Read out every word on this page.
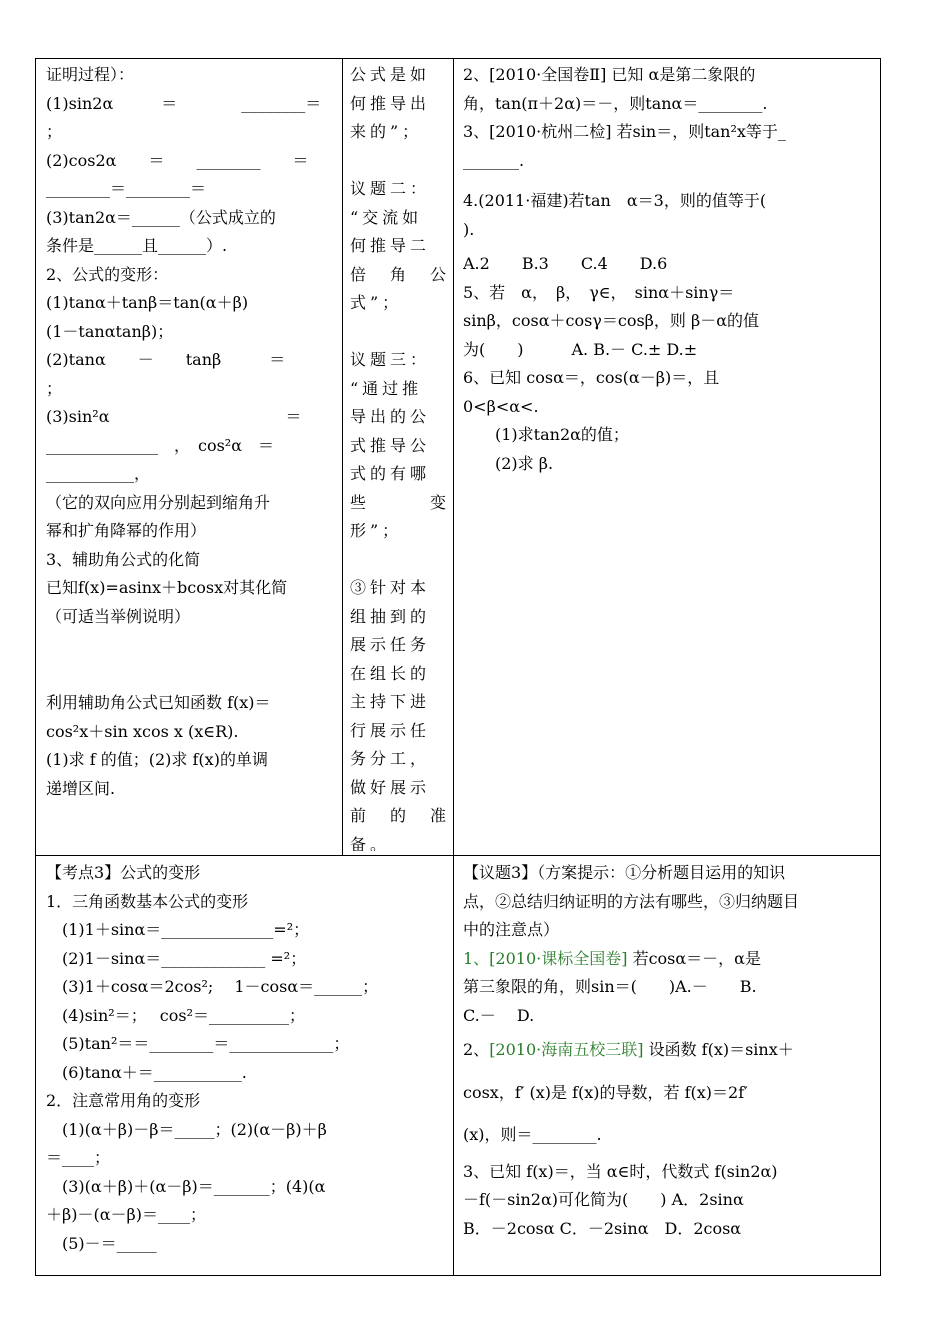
证明过程）：

(1)sin2α　　　＝　　　　________＝

；

(2)cos2α　　＝　　________　　＝

________＝________＝

(3)tan2α＝______（公式成立的

条件是______且______）.

2、公式的变形：

(1)tanα＋tanβ＝tan(α＋β)

(1－tanαtanβ)；

(2)tanα　　－　　tanβ　　　＝

；

(3)sin²α　　　　　　　　　　　＝

______________　，　cos²α　＝

___________，

（它的双向应用分别起到缩角升

幂和扩角降幂的作用）

3、辅助角公式的化简

已知f(x)=asinx＋bcosx对其化简

（可适当举例说明）

利用辅助角公式已知函数 f(x)＝

cos²x＋sin xcos x (x∈R).

(1)求 f 的值；(2)求 f(x)的单调

递增区间.

公式是如

何推导出

来的”；

议题二：

“交流如

何推导二

倍　角　公

式”；

议题三：

“通过推

导出的公

式推导公

式的有哪

些　　　变

形”；

③针对本

组抽到的

展示任务

在组长的

主持下进

行展示任

务分工，

做好展示

前　的　准

备。

2、[2010·全国卷Ⅱ] 已知 α是第二象限的

角，tan(π＋2α)＝－，则tanα＝________.

3、[2010·杭州二检] 若sin＝，则tan²x等于_

_______.

4.(2011·福建)若tan　α＝3，则的值等于(

).

A.2　　B.3　　C.4　　D.6

5、若　α，　β，　γ∈，　sinα＋sinγ＝

sinβ，cosα＋cosγ＝cosβ，则 β－α的值

为(　　)　　　A. B.－ C.± D.±

6、已知 cosα＝，cos(α－β)＝，且

0<β<α<.

　　(1)求tan2α的值；

　　(2)求 β.

【考点3】公式的变形

1．三角函数基本公式的变形

　(1)1＋sinα＝______________=²；

　(2)1－sinα＝_____________ =²；

　(3)1＋cosα＝2cos²;　 1－cosα＝______；

　(4)sin²＝；　 cos²＝__________；

　(5)tan²＝＝________＝_____________；

　(6)tanα＋＝___________.

2．注意常用角的变形

　(1)(α＋β)－β＝_____；(2)(α－β)＋β

＝____；

　(3)(α＋β)＋(α－β)＝_______；(4)(α

＋β)－(α－β)＝____；

　(5)－＝_____

【议题3】（方案提示：①分析题目运用的知识

点，②总结归纳证明的方法有哪些，③归纳题目

中的注意点）

1、[2010·课标全国卷] 若cosα＝－，α是

第三象限的角，则sin＝(　　)A.－　　B.

C.－　 D.

2、[2010·海南五校三联] 设函数 f(x)＝sinx＋

cosx，f′ (x)是 f(x)的导数，若 f(x)＝2f′

(x)，则＝________.

3、已知 f(x)＝，当 α∈时，代数式 f(sin2α)

－f(－sin2α)可化简为(　　) A．2sinα

B．－2cosα C．－2sinα　D．2cosα
